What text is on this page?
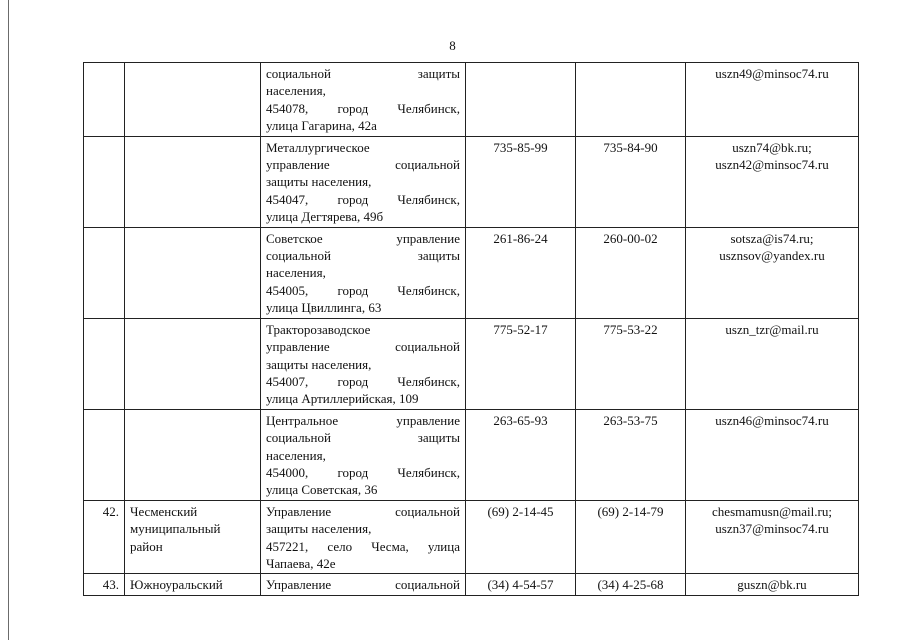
8

		социальной защиты
населения,
454078, город Челябинск,
улица Гагарина, 42а			uszn49@minsoc74.ru

		Металлургическое
управление социальной
защиты населения,
454047, город Челябинск,
улица Дегтярева, 49б	735-85-99	735-84-90	uszn74@bk.ru;
uszn42@minsoc74.ru

		Советское управление
социальной защиты
населения,
454005, город Челябинск,
улица Цвиллинга, 63	261-86-24	260-00-02	sotsza@is74.ru;
usznsov@yandex.ru

		Тракторозаводское
управление социальной
защиты населения,
454007, город Челябинск,
улица Артиллерийская, 109	775-52-17	775-53-22	uszn_tzr@mail.ru

		Центральное управление
социальной защиты
населения,
454000, город Челябинск,
улица Советская, 36	263-65-93	263-53-75	uszn46@minsoc74.ru

42.	Чесменский
муниципальный
район	Управление социальной
защиты населения,
457221, село Чесма, улица
Чапаева, 42е	(69) 2-14-45	(69) 2-14-79	chesmamusn@mail.ru;
uszn37@minsoc74.ru

43.	Южноуральский	Управление социальной	(34) 4-54-57	(34) 4-25-68	guszn@bk.ru
